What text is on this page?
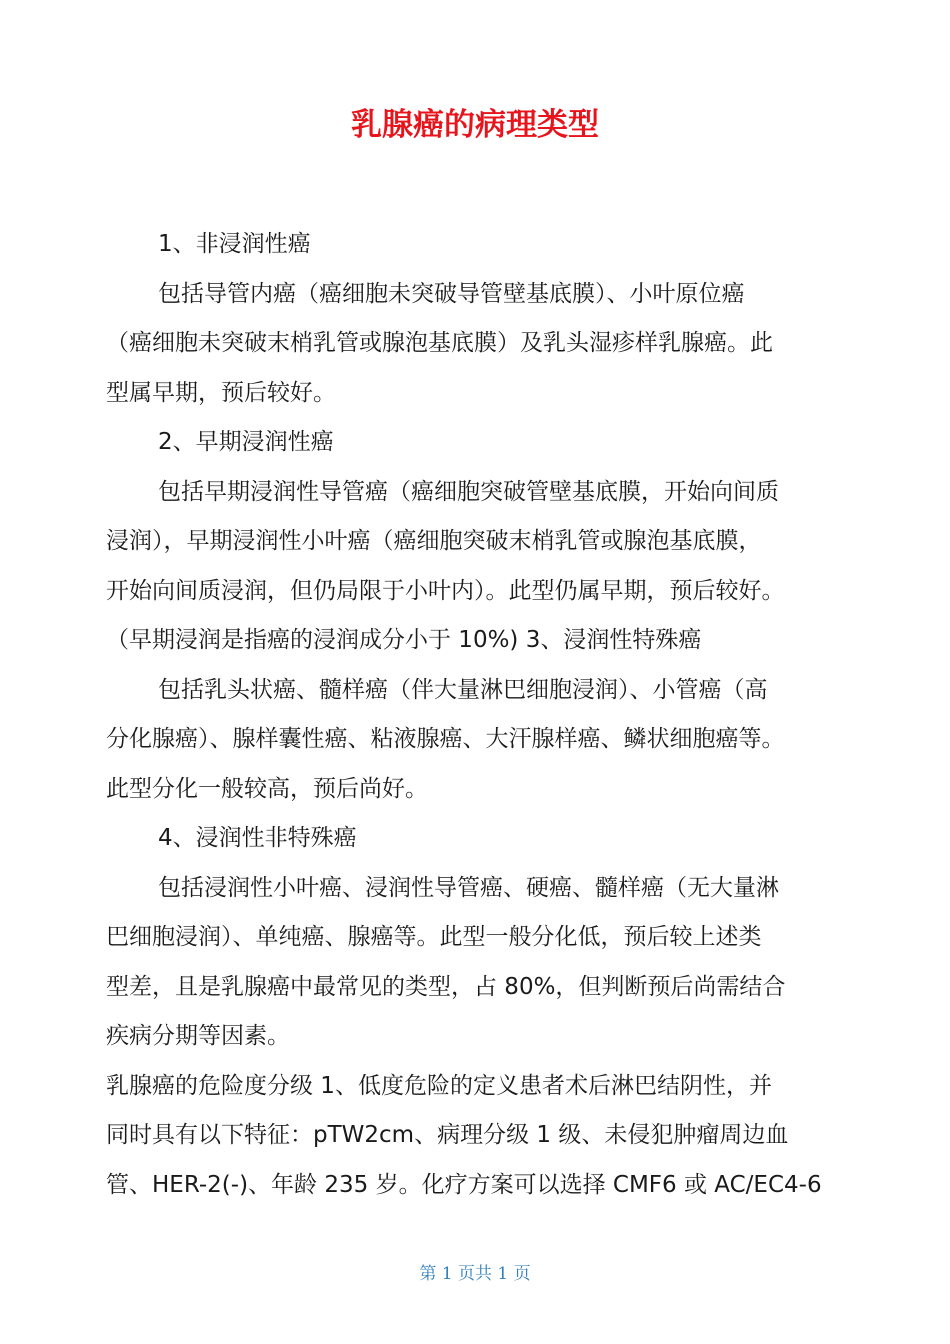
乳腺癌的病理类型

1、非浸润性癌

包括导管内癌（癌细胞未突破导管壁基底膜）、小叶原位癌

（癌细胞未突破末梢乳管或腺泡基底膜）及乳头湿疹样乳腺癌。此

型属早期，预后较好。

2、早期浸润性癌

包括早期浸润性导管癌（癌细胞突破管壁基底膜，开始向间质

浸润），早期浸润性小叶癌（癌细胞突破末梢乳管或腺泡基底膜，

开始向间质浸润，但仍局限于小叶内）。此型仍属早期，预后较好。

（早期浸润是指癌的浸润成分小于 10%) 3、浸润性特殊癌

包括乳头状癌、髓样癌（伴大量淋巴细胞浸润）、小管癌（高

分化腺癌）、腺样囊性癌、粘液腺癌、大汗腺样癌、鳞状细胞癌等。

此型分化一般较高，预后尚好。

4、浸润性非特殊癌

包括浸润性小叶癌、浸润性导管癌、硬癌、髓样癌（无大量淋

巴细胞浸润）、单纯癌、腺癌等。此型一般分化低，预后较上述类

型差，且是乳腺癌中最常见的类型，占 80%，但判断预后尚需结合

疾病分期等因素。

乳腺癌的危险度分级 1、低度危险的定义患者术后淋巴结阴性，并

同时具有以下特征：pTW2cm、病理分级 1 级、未侵犯肿瘤周边血

管、HER-2(-)、年龄 235 岁。化疗方案可以选择 CMF6 或 AC/EC4-6

第 1 页共 1 页
